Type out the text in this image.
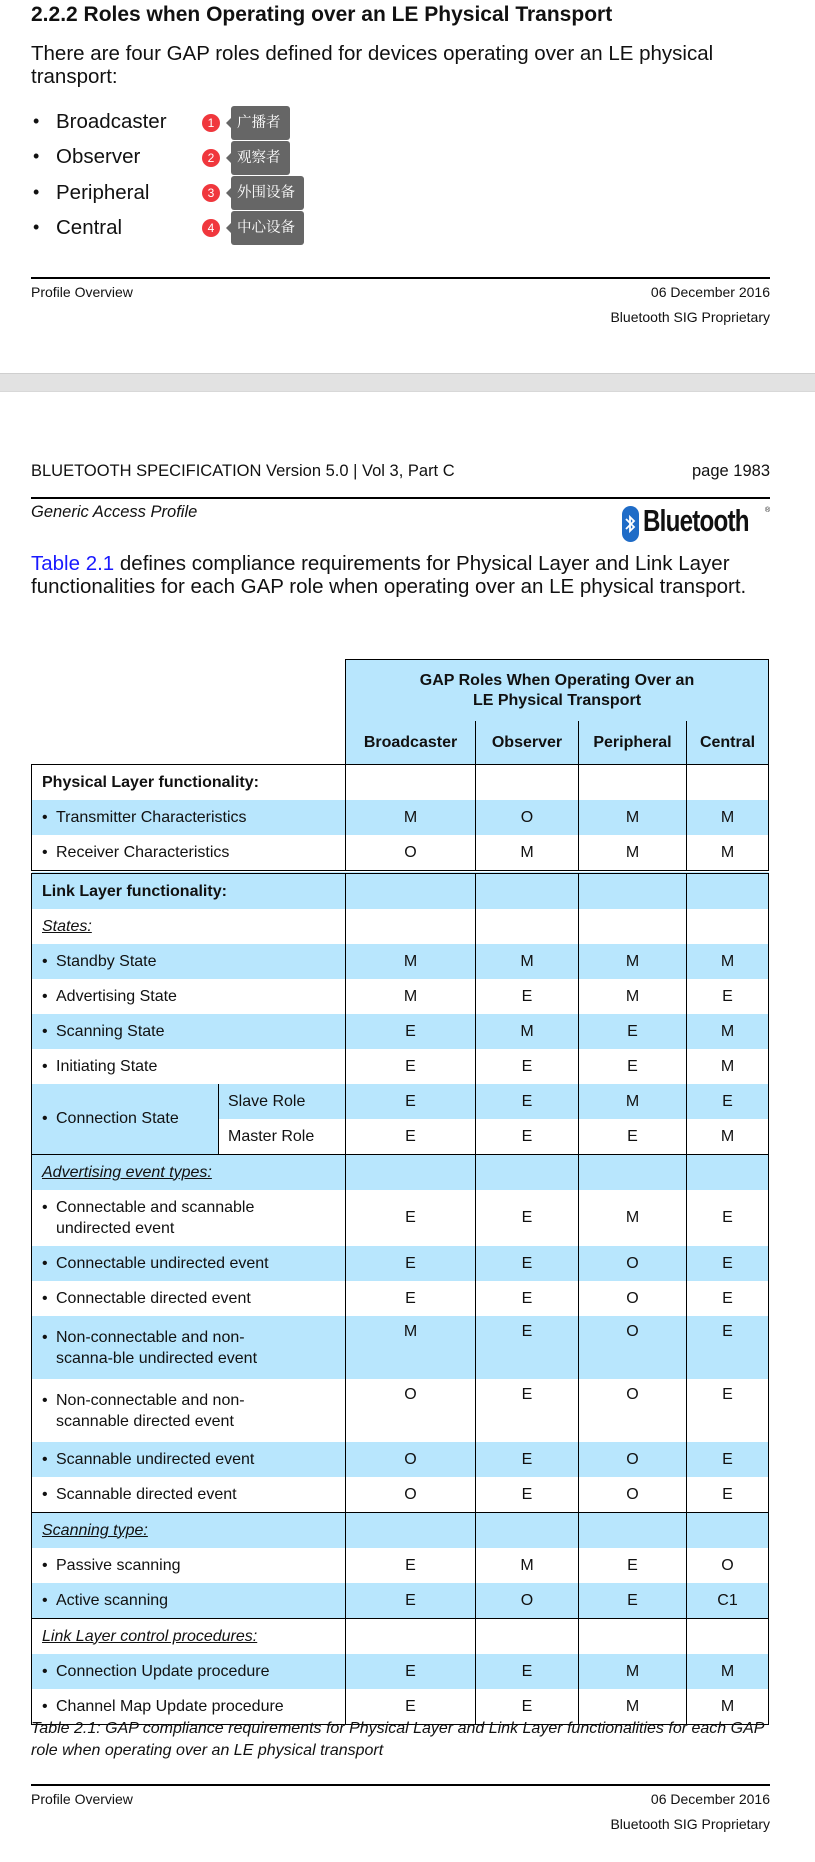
2.2.2 Roles when Operating over an LE Physical Transport
There are four GAP roles defined for devices operating over an LE physical
transport:
• Broadcaster	1	广播者
• Observer	2	观察者
• Peripheral	3	外围设备
• Central	4	中心设备
Profile Overview	06 December 2016
Bluetooth SIG Proprietary
BLUETOOTH SPECIFICATION Version 5.0 | Vol 3, Part C	page 1983
Generic Access Profile	Bluetooth ®
Table 2.1 defines compliance requirements for Physical Layer and Link Layer
functionalities for each GAP role when operating over an LE physical transport.

		GAP Roles When Operating Over an
LE Physical Transport			

		Broadcaster	Observer	Peripheral	Central
Physical Layer functionality:					
• Transmitter Characteristics		M	O	M	M
• Receiver Characteristics		O	M	M	M
Link Layer functionality:					
States:					
• Standby State		M	M	M	M
• Advertising State		M	E	M	E
• Scanning State		E	M	E	M
• Initiating State		E	E	E	M
• Connection State	Slave Role	E	E	M	E
	Master Role	E	E	E	M
Advertising event types:					

• Connectable and scannable undirected event		E	E	M	E
• Connectable undirected event		E	E	O	E
• Connectable directed event		E	E	O	E

• Non-connectable and non-scanna-ble undirected event		M	E	O	E

• Non-connectable and non-scannable directed event		O	E	O	E
• Scannable undirected event		O	E	O	E
• Scannable directed event		O	E	O	E
Scanning type:					
• Passive scanning		E	M	E	O
• Active scanning		E	O	E	C1
Link Layer control procedures:					
• Connection Update procedure		E	E	M	M
• Channel Map Update procedure		E	E	M	M
Table 2.1: GAP compliance requirements for Physical Layer and Link Layer functionalities for each GAP role when operating over an LE physical transport
Profile Overview	06 December 2016
Bluetooth SIG Proprietary
